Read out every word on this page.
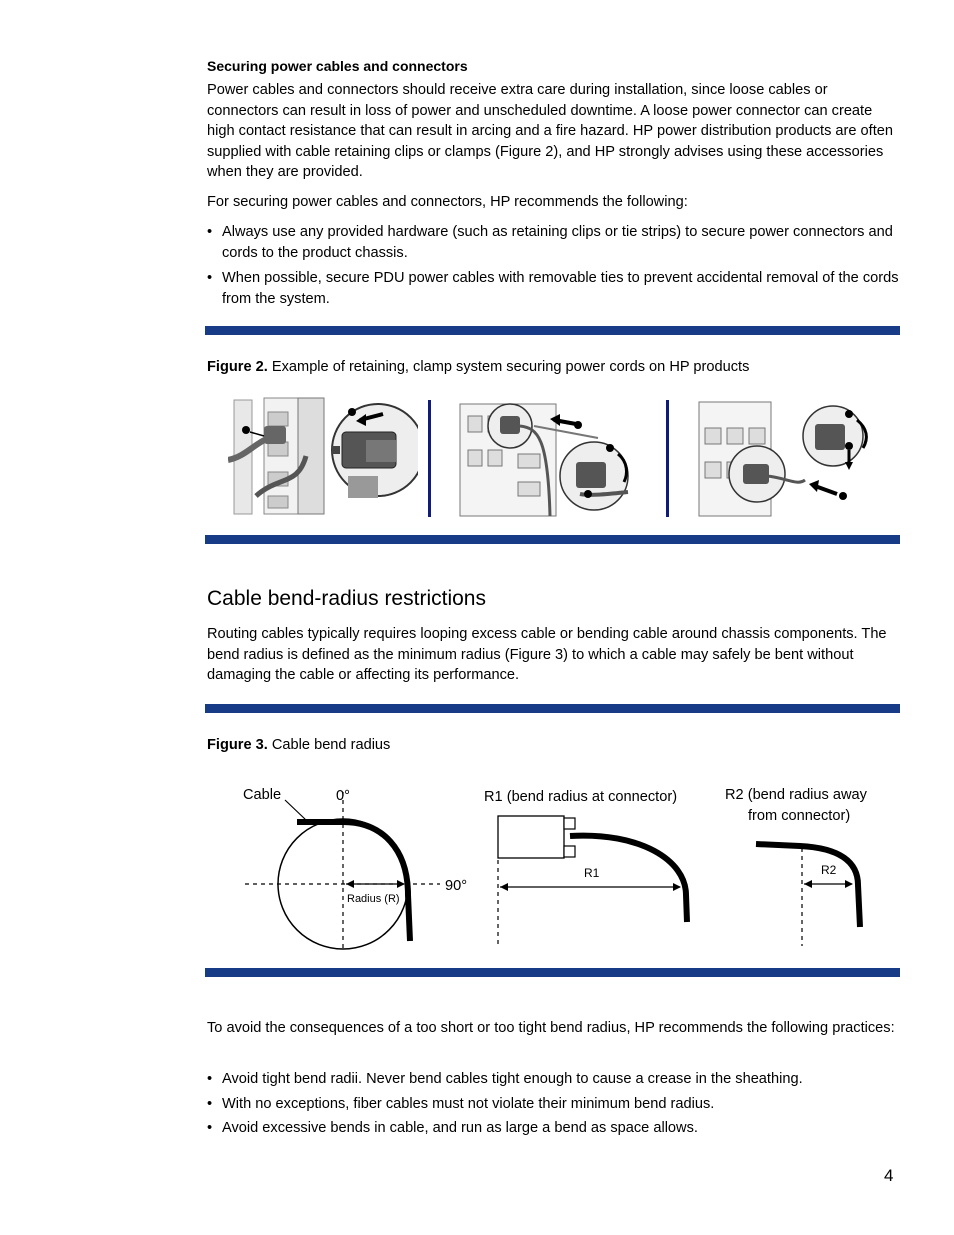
Securing power cables and connectors
Power cables and connectors should receive extra care during installation, since loose cables or connectors can result in loss of power and unscheduled downtime. A loose power connector can create high contact resistance that can result in arcing and a fire hazard. HP power distribution products are often supplied with cable retaining clips or clamps (Figure 2), and HP strongly advises using these accessories when they are provided.
For securing power cables and connectors, HP recommends the following:
• Always use any provided hardware (such as retaining clips or tie strips) to secure power connectors and cords to the product chassis.
• When possible, secure PDU power cables with removable ties to prevent accidental removal of the cords from the system.
Figure 2. Example of retaining, clamp system securing power cords on HP products
Cable bend-radius restrictions
Routing cables typically requires looping excess cable or bending cable around chassis components. The bend radius is defined as the minimum radius (Figure 3) to which a cable may safely be bent without damaging the cable or affecting its performance.
Figure 3. Cable bend radius
Cable	0°
90°
Radius (R)
R1 (bend radius at connector)
R1
R2 (bend radius away
from connector)
R2
To avoid the consequences of a too short or too tight bend radius, HP recommends the following practices:
• Avoid tight bend radii. Never bend cables tight enough to cause a crease in the sheathing.
• With no exceptions, fiber cables must not violate their minimum bend radius.
• Avoid excessive bends in cable, and run as large a bend as space allows.
4
